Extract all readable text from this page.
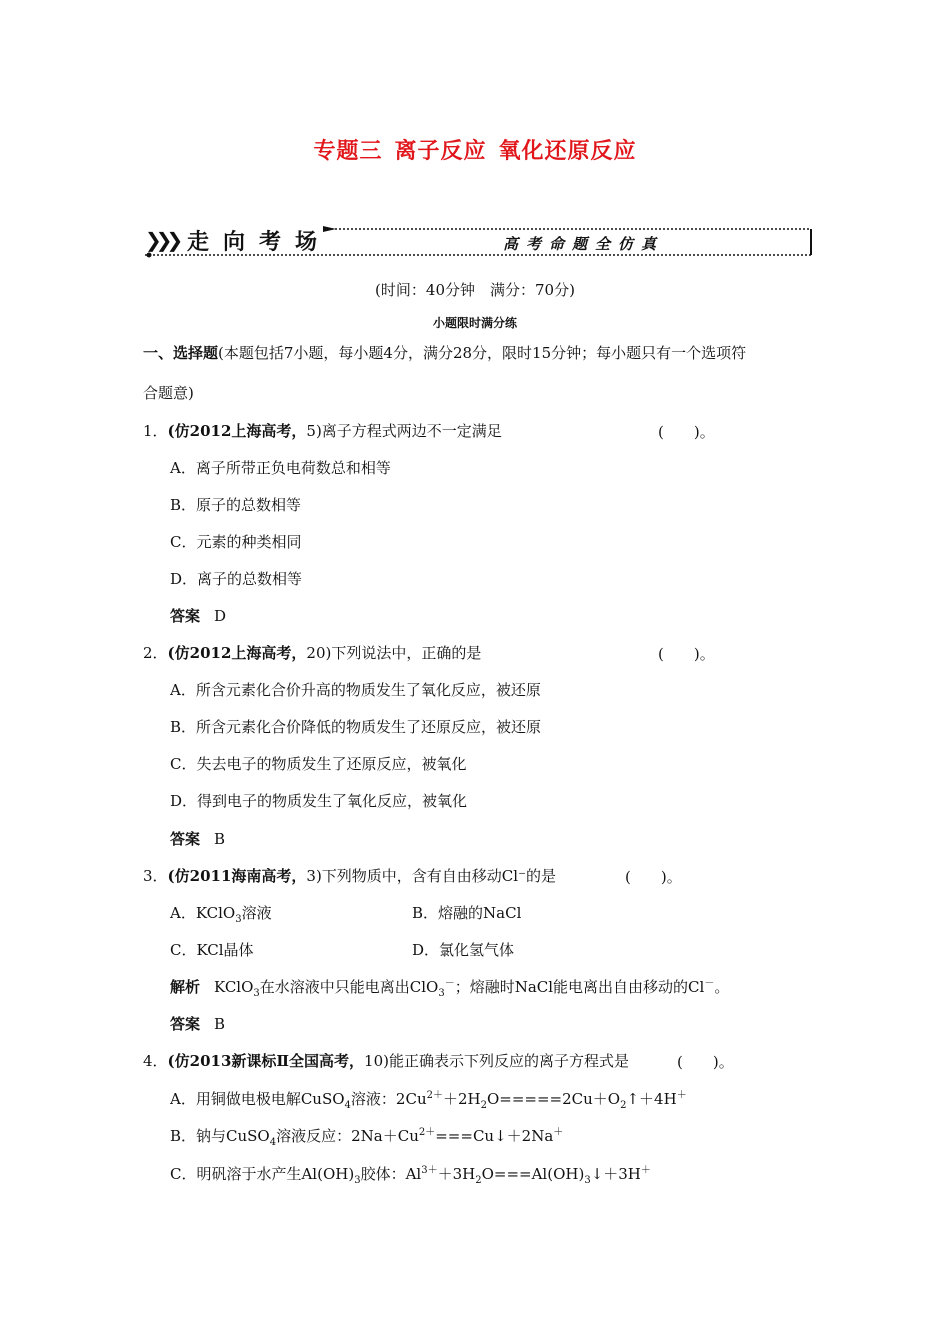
专题三 离子反应 氧化还原反应
❯❯❯ 走向考场	高考命题全仿真
(时间：40分钟　满分：70分)
小题限时满分练
一、选择题(本题包括7小题，每小题4分，满分28分，限时15分钟；每小题只有一个选项符
合题意)
1．(仿2012上海高考，5)离子方程式两边不一定满足	(　　)。
A．离子所带正负电荷数总和相等
B．原子的总数相等
C．元素的种类相同
D．离子的总数相等
答案 D
2．(仿2012上海高考，20)下列说法中，正确的是	(　　)。
A．所含元素化合价升高的物质发生了氧化反应，被还原
B．所含元素化合价降低的物质发生了还原反应，被还原
C．失去电子的物质发生了还原反应，被氧化
D．得到电子的物质发生了氧化反应，被氧化
答案 B
3．(仿2011海南高考，3)下列物质中，含有自由移动Cl⁻的是	(　　)。
A．KClO$_3$溶液	B．熔融的NaCl
C．KCl晶体	D．氯化氢气体
解析 KClO$_3$在水溶液中只能电离出ClO$_3$－；熔融时NaCl能电离出自由移动的Cl－。
答案 B
4．(仿2013新课标Ⅱ全国高考，10)能正确表示下列反应的离子方程式是	(　　)。
A．用铜做电极电解CuSO$_4$溶液：$2Cu^{2+}+2H_2O=====2Cu+O_2↑+4H^+$
B．钠与CuSO$_4$溶液反应：$2Na+Cu^{2+}===Cu↓+2Na^+$
C．明矾溶于水产生$Al(OH)_3$胶体：$Al^{3+}+3H_2O===Al(OH)_3↓+3H^+$
